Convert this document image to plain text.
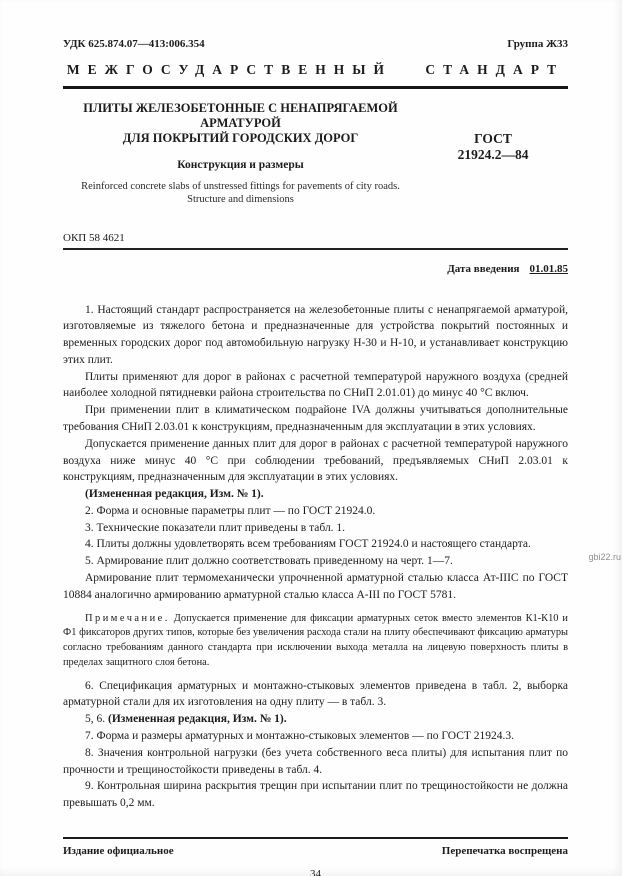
УДК 625.874.07—413:006.354	Группа Ж33
МЕЖГОСУДАРСТВЕННЫЙ СТАНДАРТ
ПЛИТЫ ЖЕЛЕЗОБЕТОННЫЕ С НЕНАПРЯГАЕМОЙ АРМАТУРОЙ
ДЛЯ ПОКРЫТИЙ ГОРОДСКИХ ДОРОГ
Конструкция и размеры
Reinforced concrete slabs of unstressed fittings for pavements of city roads.
Structure and dimensions
ГОСТ
21924.2—84
ОКП 58 4621
Дата введения 01.01.85

1. Настоящий стандарт распространяется на железобетонные плиты с ненапрягаемой арматурой, изготовляемые из тяжелого бетона и предназначенные для устройства покрытий постоянных и временных городских дорог под автомобильную нагрузку Н-30 и Н-10, и устанавливает конструкцию этих плит.

Плиты применяют для дорог в районах с расчетной температурой наружного воздуха (средней наиболее холодной пятидневки района строительства по СНиП 2.01.01) до минус 40 °С включ.

При применении плит в климатическом подрайоне IVA должны учитываться дополнительные требования СНиП 2.03.01 к конструкциям, предназначенным для эксплуатации в этих условиях.

Допускается применение данных плит для дорог в районах с расчетной температурой наружного воздуха ниже минус 40 °С при соблюдении требований, предъявляемых СНиП 2.03.01 к конструкциям, предназначенным для эксплуатации в этих условиях.

(Измененная редакция, Изм. № 1).

2. Форма и основные параметры плит — по ГОСТ 21924.0.

3. Технические показатели плит приведены в табл. 1.

4. Плиты должны удовлетворять всем требованиям ГОСТ 21924.0 и настоящего стандарта.

5. Армирование плит должно соответствовать приведенному на черт. 1—7.

Армирование плит термомеханически упрочненной арматурной сталью класса Ат-IIIC по ГОСТ 10884 аналогично армированию арматурной сталью класса А-III по ГОСТ 5781.

Примечание. Допускается применение для фиксации арматурных сеток вместо элементов К1-К10 и Ф1 фиксаторов других типов, которые без увеличения расхода стали на плиту обеспечивают фиксацию арматуры согласно требованиям данного стандарта при исключении выхода металла на лицевую поверхность плиты в пределах защитного слоя бетона.

6. Спецификация арматурных и монтажно-стыковых элементов приведена в табл. 2, выборка арматурной стали для их изготовления на одну плиту — в табл. 3.

5, 6. (Измененная редакция, Изм. № 1).

7. Форма и размеры арматурных и монтажно-стыковых элементов — по ГОСТ 21924.3.

8. Значения контрольной нагрузки (без учета собственного веса плиты) для испытания плит по прочности и трещиностойкости приведены в табл. 4.

9. Контрольная ширина раскрытия трещин при испытании плит по трещиностойкости не должна превышать 0,2 мм.

Издание официальное	Перепечатка воспрещена
34
gbi22.ru
